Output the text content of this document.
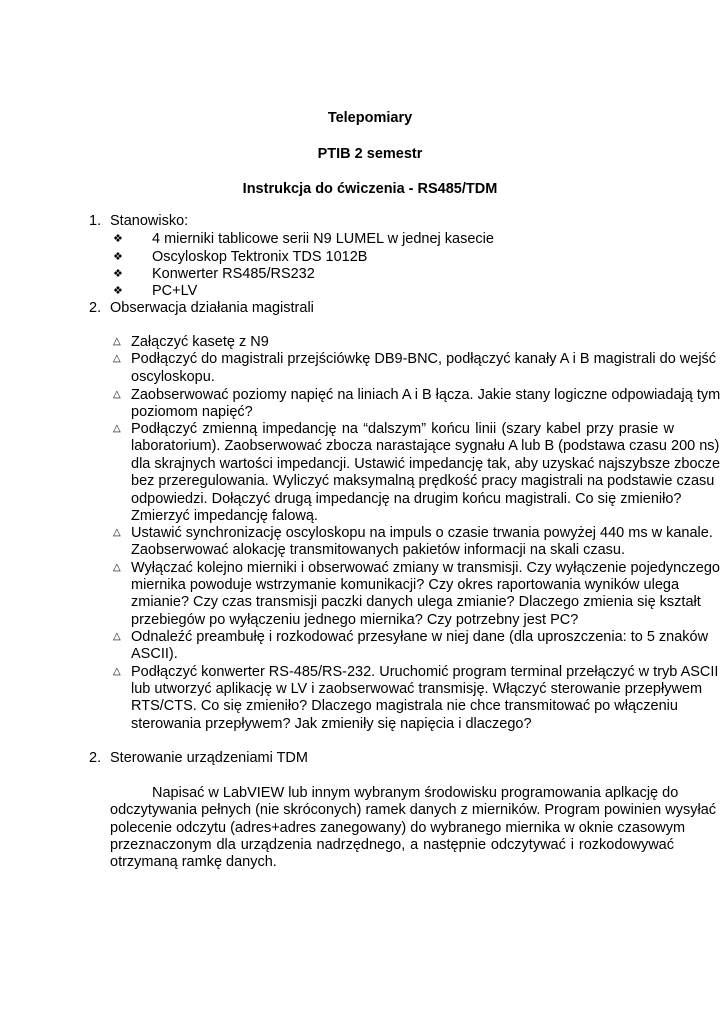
Telepomiary
PTIB 2 semestr
Instrukcja do ćwiczenia - RS485/TDM
1. Stanowisko:
❖ 4 mierniki tablicowe serii N9 LUMEL w jednej kasecie
❖ Oscyloskop Tektronix TDS 1012B
❖ Konwerter RS485/RS232
❖ PC+LV
2. Obserwacja działania magistrali
△ Załączyć kasetę z N9
△ Podłączyć do magistrali przejściówkę DB9-BNC, podłączyć kanały A i B magistrali do wejść
oscyloskopu.
△ Zaobserwować poziomy napięć na liniach A i B łącza. Jakie stany logiczne odpowiadają tym
poziomom napięć?
△ Podłączyć zmienną impedancję na “dalszym” końcu linii (szary kabel przy prasie w
laboratorium). Zaobserwować zbocza narastające sygnału A lub B (podstawa czasu 200 ns)
dla skrajnych wartości impedancji. Ustawić impedancję tak, aby uzyskać najszybsze zbocze
bez przeregulowania. Wyliczyć maksymalną prędkość pracy magistrali na podstawie czasu
odpowiedzi. Dołączyć drugą impedancję na drugim końcu magistrali. Co się zmieniło?
Zmierzyć impedancję falową.
△ Ustawić synchronizację oscyloskopu na impuls o czasie trwania powyżej 440 ms w kanale.
Zaobserwować alokację transmitowanych pakietów informacji na skali czasu.
△ Wyłączać kolejno mierniki i obserwować zmiany w transmisji. Czy wyłączenie pojedynczego
miernika powoduje wstrzymanie komunikacji? Czy okres raportowania wyników ulega
zmianie? Czy czas transmisji paczki danych ulega zmianie? Dlaczego zmienia się kształt
przebiegów po wyłączeniu jednego miernika? Czy potrzebny jest PC?
△ Odnaleźć preambułę i rozkodować przesyłane w niej dane (dla uproszczenia: to 5 znaków
ASCII).
△ Podłączyć konwerter RS-485/RS-232. Uruchomić program terminal przełączyć w tryb ASCII
lub utworzyć aplikację w LV i zaobserwować transmisję. Włączyć sterowanie przepływem
RTS/CTS. Co się zmieniło? Dlaczego magistrala nie chce transmitować po włączeniu
sterowania przepływem? Jak zmieniły się napięcia i dlaczego?
2. Sterowanie urządzeniami TDM
Napisać w LabVIEW lub innym wybranym środowisku programowania aplkację do
odczytywania pełnych (nie skróconych) ramek danych z mierników. Program powinien wysyłać
polecenie odczytu (adres+adres zanegowany) do wybranego miernika w oknie czasowym
przeznaczonym dla urządzenia nadrzędnego, a następnie odczytywać i rozkodowywać
otrzymaną ramkę danych.
